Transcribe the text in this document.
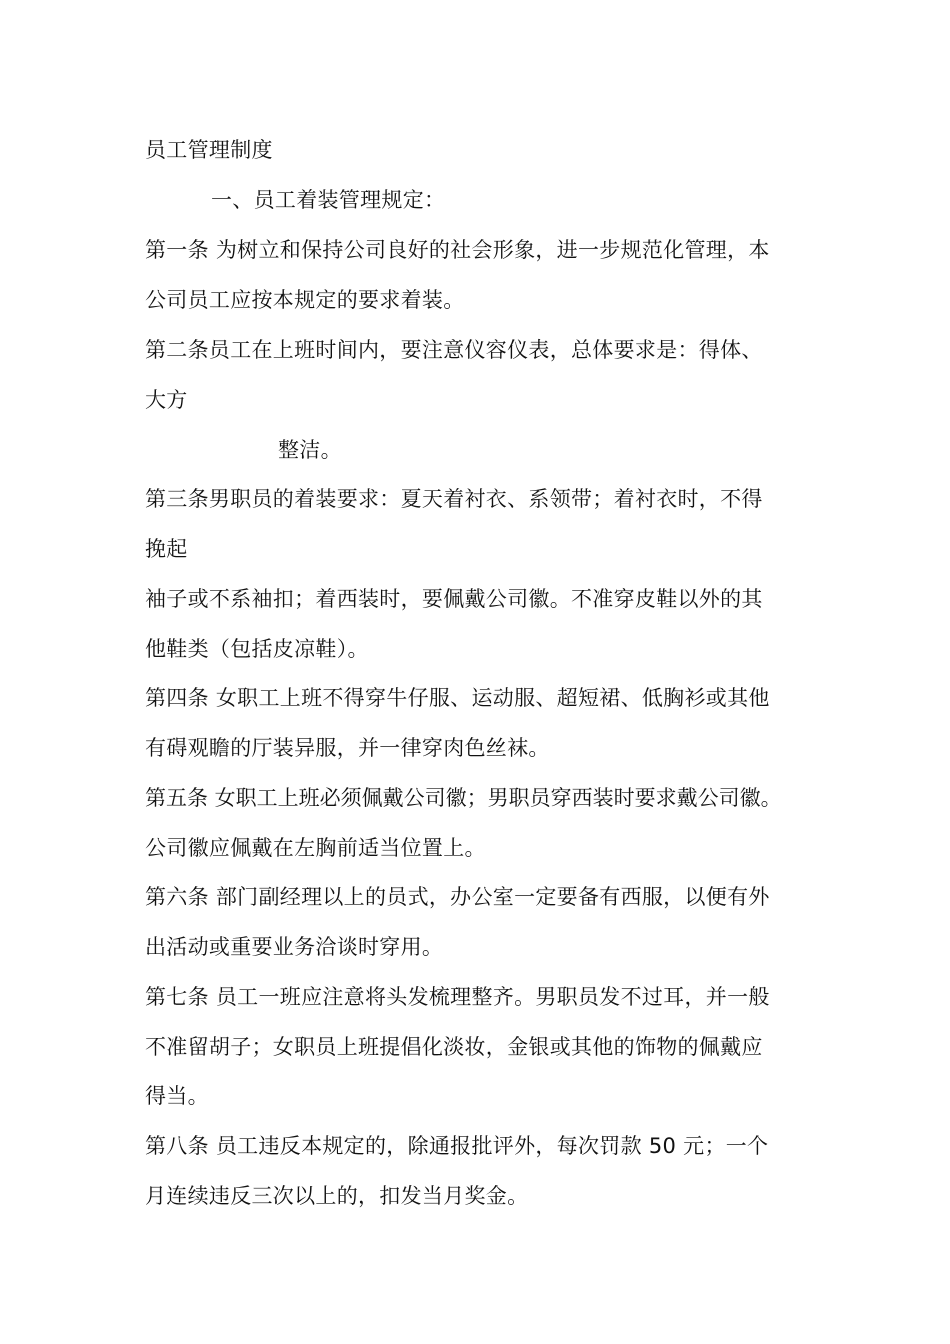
员工管理制度
一、员工着装管理规定：
第一条 为树立和保持公司良好的社会形象，进一步规范化管理，本
公司员工应按本规定的要求着装。
第二条员工在上班时间内，要注意仪容仪表，总体要求是：得体、
大方
整洁。
第三条男职员的着装要求：夏天着衬衣、系领带；着衬衣时，不得
挽起
袖子或不系袖扣；着西装时，要佩戴公司徽。不准穿皮鞋以外的其
他鞋类（包括皮凉鞋）。
第四条 女职工上班不得穿牛仔服、运动服、超短裙、低胸衫或其他
有碍观瞻的厅装异服，并一律穿肉色丝袜。
第五条 女职工上班必须佩戴公司徽；男职员穿西装时要求戴公司徽。
公司徽应佩戴在左胸前适当位置上。
第六条 部门副经理以上的员式，办公室一定要备有西服，以便有外
出活动或重要业务洽谈时穿用。
第七条 员工一班应注意将头发梳理整齐。男职员发不过耳，并一般
不准留胡子；女职员上班提倡化淡妆，金银或其他的饰物的佩戴应
得当。
第八条 员工违反本规定的，除通报批评外，每次罚款 50 元；一个
月连续违反三次以上的，扣发当月奖金。
